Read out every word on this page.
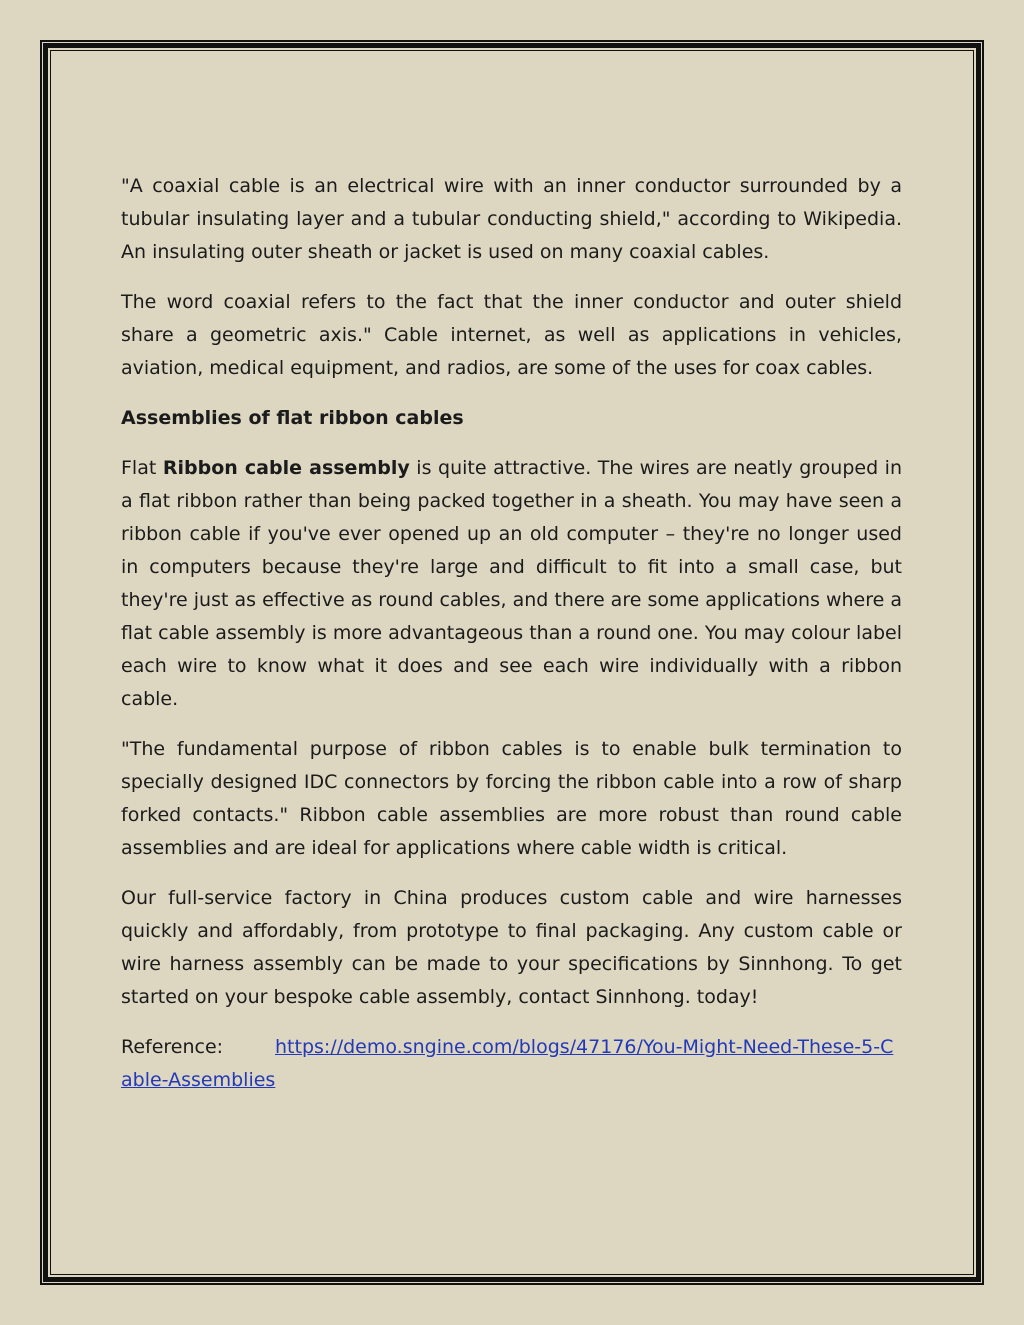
"A coaxial cable is an electrical wire with an inner conductor surrounded by a tubular insulating layer and a tubular conducting shield," according to Wikipedia. An insulating outer sheath or jacket is used on many coaxial cables.

The word coaxial refers to the fact that the inner conductor and outer shield share a geometric axis." Cable internet, as well as applications in vehicles, aviation, medical equipment, and radios, are some of the uses for coax cables.

Assemblies of flat ribbon cables

Flat Ribbon cable assembly is quite attractive. The wires are neatly grouped in a flat ribbon rather than being packed together in a sheath. You may have seen a ribbon cable if you've ever opened up an old computer – they're no longer used in computers because they're large and difficult to fit into a small case, but they're just as effective as round cables, and there are some applications where a flat cable assembly is more advantageous than a round one. You may colour label each wire to know what it does and see each wire individually with a ribbon cable.

"The fundamental purpose of ribbon cables is to enable bulk termination to specially designed IDC connectors by forcing the ribbon cable into a row of sharp forked contacts." Ribbon cable assemblies are more robust than round cable assemblies and are ideal for applications where cable width is critical.

Our full-service factory in China produces custom cable and wire harnesses quickly and affordably, from prototype to final packaging. Any custom cable or wire harness assembly can be made to your specifications by Sinnhong. To get started on your bespoke cable assembly, contact Sinnhong. today!

Reference:	https://demo.sngine.com/blogs/47176/You-Might-Need-These-5-Cable-Assemblies
